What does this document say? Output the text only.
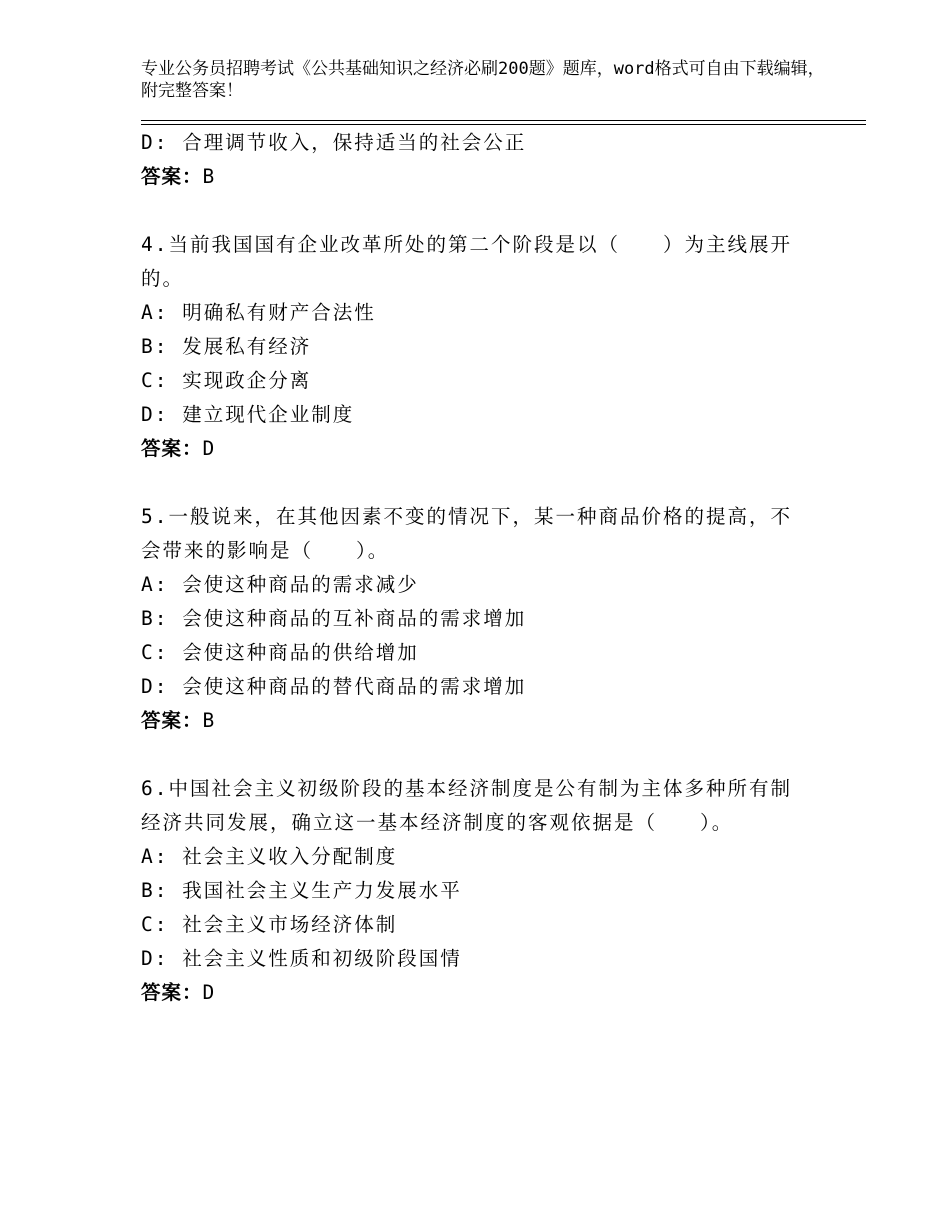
专业公务员招聘考试《公共基础知识之经济必刷200题》题库，word格式可自由下载编辑，附完整答案！
D: 合理调节收入，保持适当的社会公正
答案：B
4.当前我国国有企业改革所处的第二个阶段是以（　　）为主线展开的。
A: 明确私有财产合法性
B: 发展私有经济
C: 实现政企分离
D: 建立现代企业制度
答案：D
5.一般说来，在其他因素不变的情况下，某一种商品价格的提高，不会带来的影响是（　　）。
A: 会使这种商品的需求减少
B: 会使这种商品的互补商品的需求增加
C: 会使这种商品的供给增加
D: 会使这种商品的替代商品的需求增加
答案：B
6.中国社会主义初级阶段的基本经济制度是公有制为主体多种所有制经济共同发展，确立这一基本经济制度的客观依据是（　　）。
A: 社会主义收入分配制度
B: 我国社会主义生产力发展水平
C: 社会主义市场经济体制
D: 社会主义性质和初级阶段国情
答案：D
